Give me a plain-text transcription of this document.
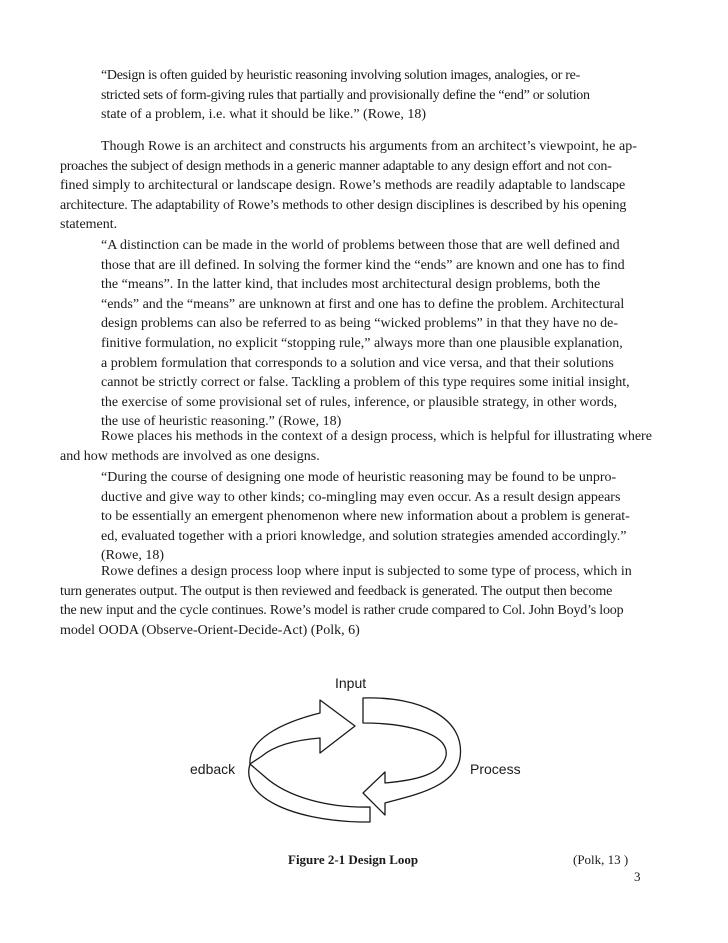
“Design is often guided by heuristic reasoning involving solution images, analogies, or re-
stricted sets of form-giving rules that partially and provisionally define the “end” or solution
state of a problem, i.e. what it should be like.” (Rowe, 18)
Though Rowe is an architect and constructs his arguments from an architect’s viewpoint, he ap-
proaches the subject of design methods in a generic manner adaptable to any design effort and not con-
fined simply to architectural or landscape design. Rowe’s methods are readily adaptable to landscape
architecture. The adaptability of Rowe’s methods to other design disciplines is described by his opening
statement.
“A distinction can be made in the world of problems between those that are well defined and
those that are ill defined. In solving the former kind the “ends” are known and one has to find
the “means”. In the latter kind, that includes most architectural design problems, both the
“ends” and the “means” are unknown at first and one has to define the problem. Architectural
design problems can also be referred to as being “wicked problems” in that they have no de-
finitive formulation, no explicit “stopping rule,” always more than one plausible explanation,
a problem formulation that corresponds to a solution and vice versa, and that their solutions
cannot be strictly correct or false. Tackling a problem of this type requires some initial insight,
the exercise of some provisional set of rules, inference, or plausible strategy, in other words,
the use of heuristic reasoning.” (Rowe, 18)
Rowe places his methods in the context of a design process, which is helpful for illustrating where
and how methods are involved as one designs.
“During the course of designing one mode of heuristic reasoning may be found to be unpro-
ductive and give way to other kinds; co-mingling may even occur. As a result design appears
to be essentially an emergent phenomenon where new information about a problem is generat-
ed, evaluated together with a priori knowledge, and solution strategies amended accordingly.”
(Rowe, 18)
Rowe defines a design process loop where input is subjected to some type of process, which in
turn generates output. The output is then reviewed and feedback is generated. The output then become
the new input and the cycle continues. Rowe’s model is rather crude compared to Col. John Boyd’s loop
model OODA (Observe-Orient-Decide-Act) (Polk, 6)
Input
Process
edback

Figure 2-1 Design Loop	(Polk, 13 )

3
